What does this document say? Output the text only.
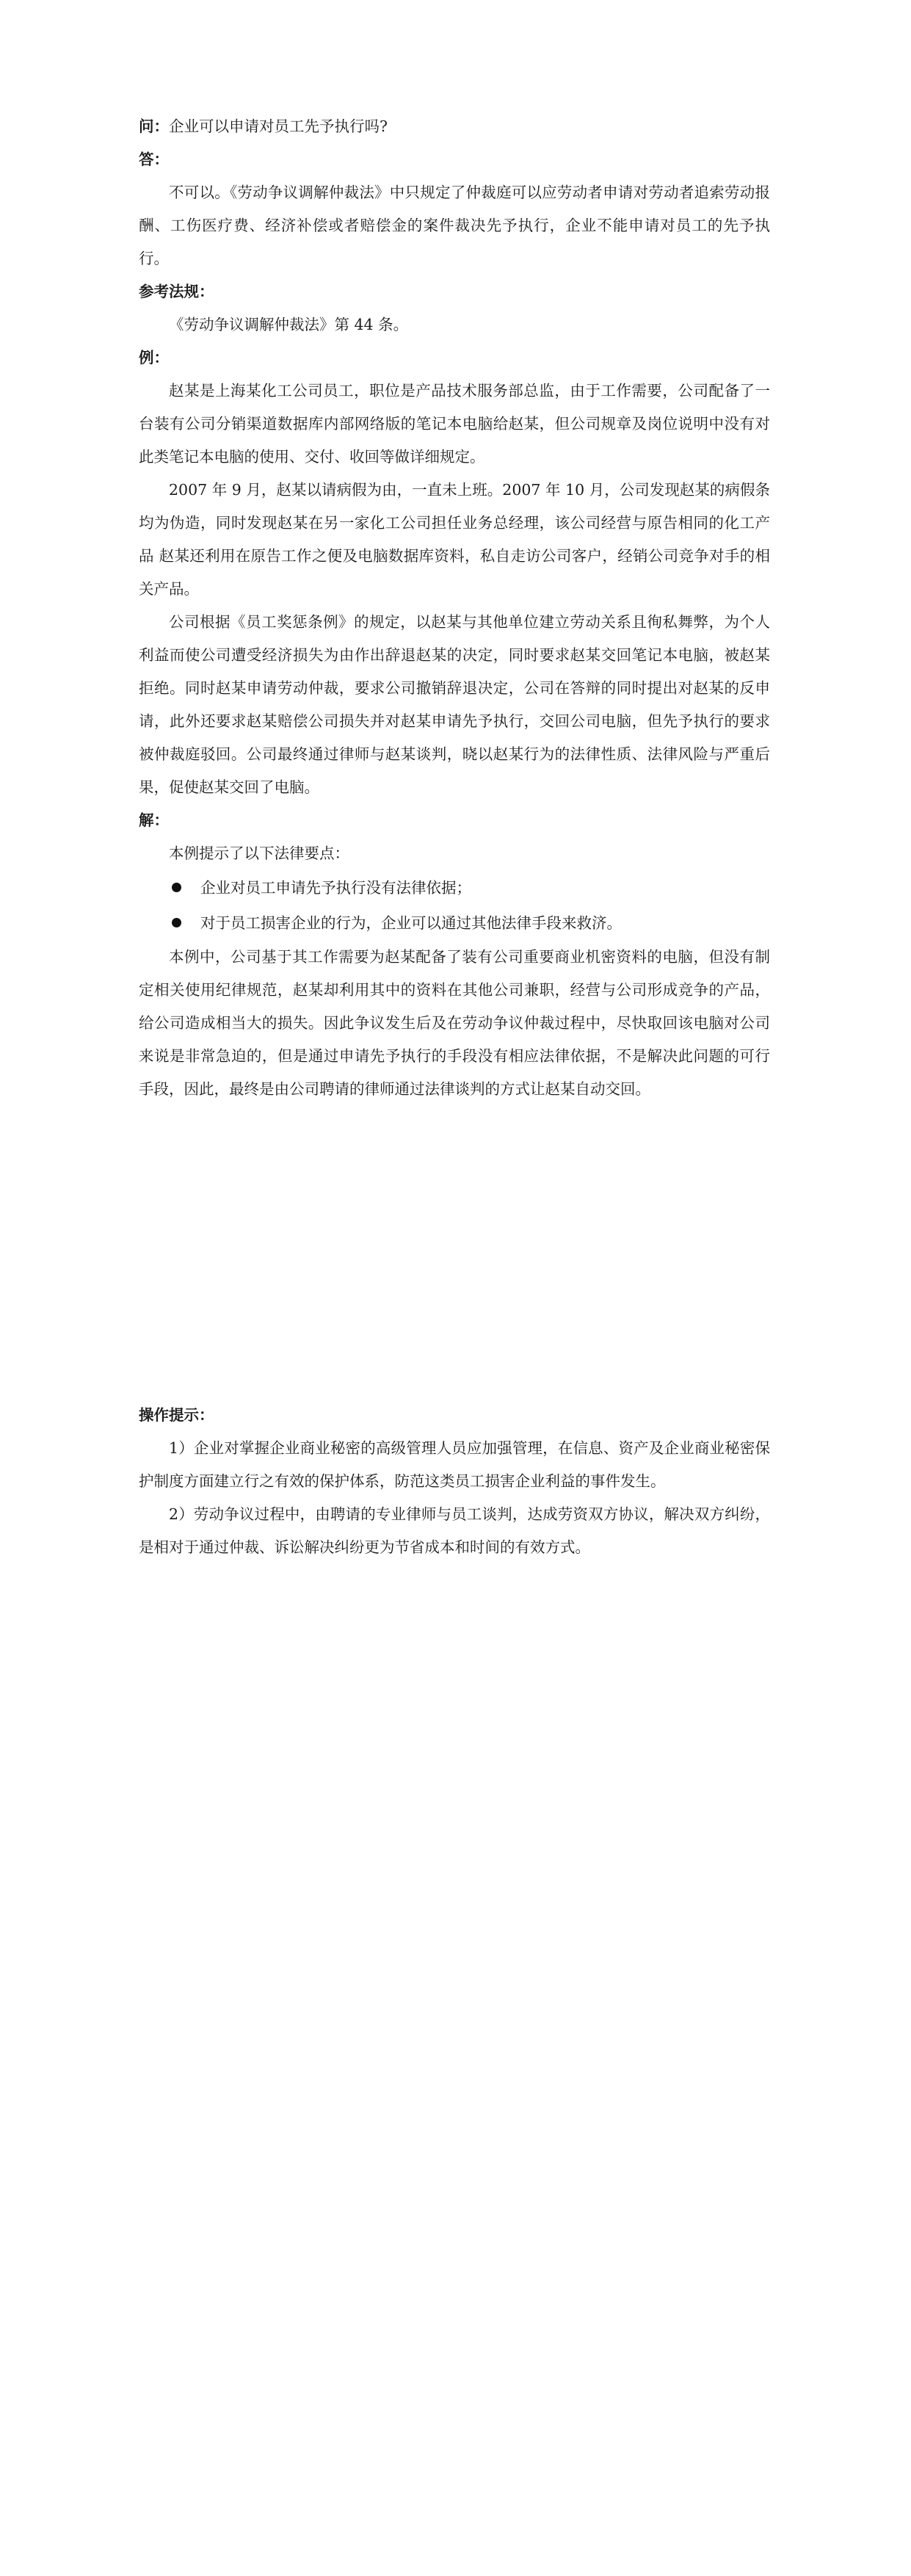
问：企业可以申请对员工先予执行吗?

答：

不可以。《劳动争议调解仲裁法》中只规定了仲裁庭可以应劳动者申请对劳动者追索劳动报酬、工伤医疗费、经济补偿或者赔偿金的案件裁决先予执行，企业不能申请对员工的先予执行。

参考法规：

《劳动争议调解仲裁法》第 44 条。

例：

赵某是上海某化工公司员工，职位是产品技术服务部总监，由于工作需要，公司配备了一台装有公司分销渠道数据库内部网络版的笔记本电脑给赵某，但公司规章及岗位说明中没有对此类笔记本电脑的使用、交付、收回等做详细规定。

2007 年 9 月，赵某以请病假为由，一直未上班。2007 年 10 月，公司发现赵某的病假条均为伪造，同时发现赵某在另一家化工公司担任业务总经理，该公司经营与原告相同的化工产品 赵某还利用在原告工作之便及电脑数据库资料，私自走访公司客户，经销公司竞争对手的相关产品。

公司根据《员工奖惩条例》的规定，以赵某与其他单位建立劳动关系且徇私舞弊，为个人利益而使公司遭受经济损失为由作出辞退赵某的决定，同时要求赵某交回笔记本电脑，被赵某拒绝。同时赵某申请劳动仲裁，要求公司撤销辞退决定，公司在答辩的同时提出对赵某的反申请，此外还要求赵某赔偿公司损失并对赵某申请先予执行，交回公司电脑，但先予执行的要求被仲裁庭驳回。公司最终通过律师与赵某谈判，晓以赵某行为的法律性质、法律风险与严重后果，促使赵某交回了电脑。

解：

本例提示了以下法律要点：

企业对员工申请先予执行没有法律依据；
对于员工损害企业的行为，企业可以通过其他法律手段来救济。

本例中，公司基于其工作需要为赵某配备了装有公司重要商业机密资料的电脑，但没有制定相关使用纪律规范，赵某却利用其中的资料在其他公司兼职，经营与公司形成竞争的产品，给公司造成相当大的损失。因此争议发生后及在劳动争议仲裁过程中，尽快取回该电脑对公司来说是非常急迫的，但是通过申请先予执行的手段没有相应法律依据，不是解决此问题的可行手段，因此，最终是由公司聘请的律师通过法律谈判的方式让赵某自动交回。

操作提示：

1）企业对掌握企业商业秘密的高级管理人员应加强管理，在信息、资产及企业商业秘密保护制度方面建立行之有效的保护体系，防范这类员工损害企业利益的事件发生。

2）劳动争议过程中，由聘请的专业律师与员工谈判，达成劳资双方协议，解决双方纠纷，是相对于通过仲裁、诉讼解决纠纷更为节省成本和时间的有效方式。
